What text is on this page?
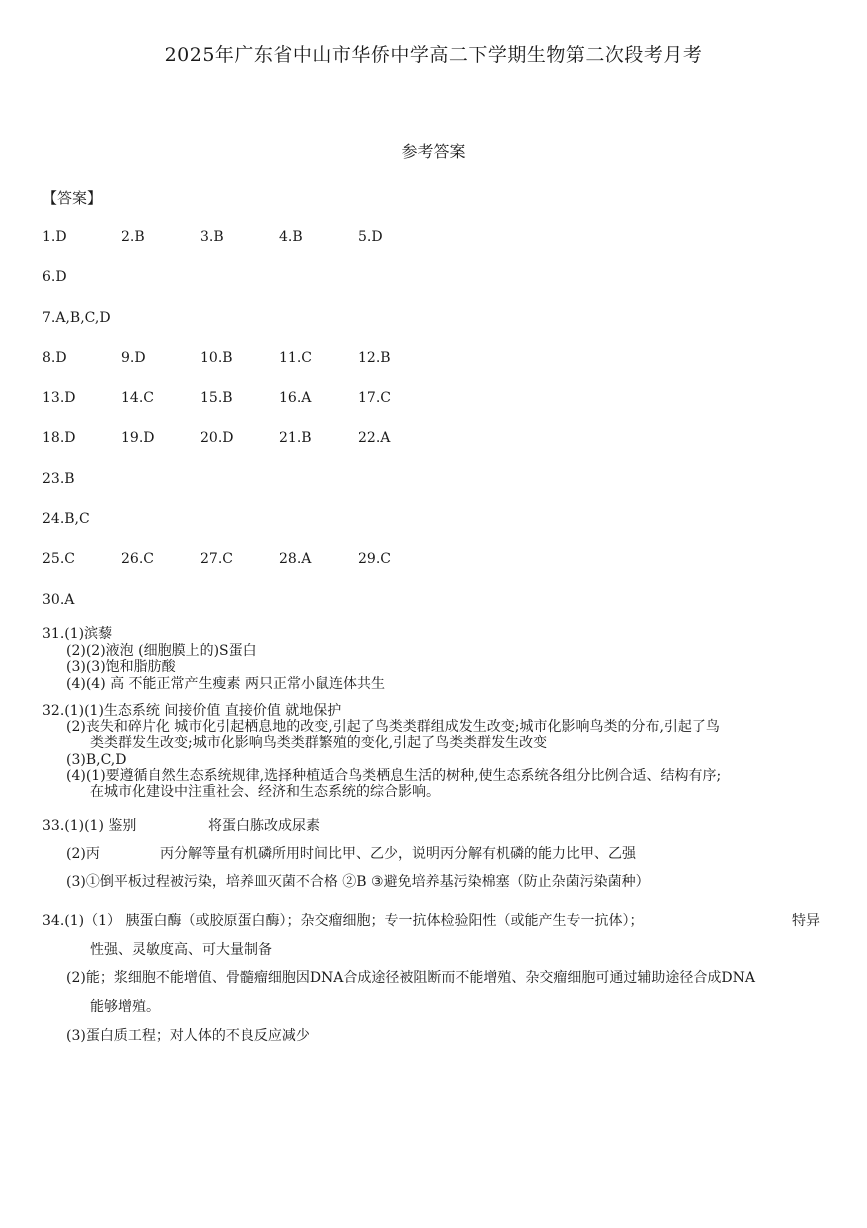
2025年广东省中山市华侨中学高二下学期生物第二次段考月考
参考答案
【答案】
1.D	2.B	3.B	4.B	5.D
6.D
7.A,B,C,D
8.D	9.D	10.B	11.C	12.B
13.D	14.C	15.B	16.A	17.C
18.D	19.D	20.D	21.B	22.A
23.B
24.B,C
25.C	26.C	27.C	28.A	29.C
30.A
31.(1)滨藜
(2)(2)液泡 (细胞膜上的)S蛋白
(3)(3)饱和脂肪酸
(4)(4) 高 不能正常产生瘦素 两只正常小鼠连体共生
32.(1)(1)生态系统 间接价值 直接价值 就地保护
(2)丧失和碎片化 城市化引起栖息地的改变,引起了鸟类类群组成发生改变;城市化影响鸟类的分布,引起了鸟
类类群发生改变;城市化影响鸟类类群繁殖的变化,引起了鸟类类群发生改变
(3)B,C,D
(4)(1)要遵循自然生态系统规律,选择种植适合鸟类栖息生活的树种,使生态系统各组分比例合适、结构有序;
在城市化建设中注重社会、经济和生态系统的综合影响。
33.(1)(1) 鉴别	将蛋白胨改成尿素
(2)丙	丙分解等量有机磷所用时间比甲、乙少，说明丙分解有机磷的能力比甲、乙强
(3)①倒平板过程被污染，培养皿灭菌不合格 ②B ③避免培养基污染棉塞（防止杂菌污染菌种）
34.(1)（1） 胰蛋白酶（或胶原蛋白酶）；杂交瘤细胞；专一抗体检验阳性（或能产生专一抗体）；	特异
性强、灵敏度高、可大量制备
(2)能；浆细胞不能增值、骨髓瘤细胞因DNA合成途径被阻断而不能增殖、杂交瘤细胞可通过辅助途径合成DNA
能够增殖。
(3)蛋白质工程；对人体的不良反应减少
